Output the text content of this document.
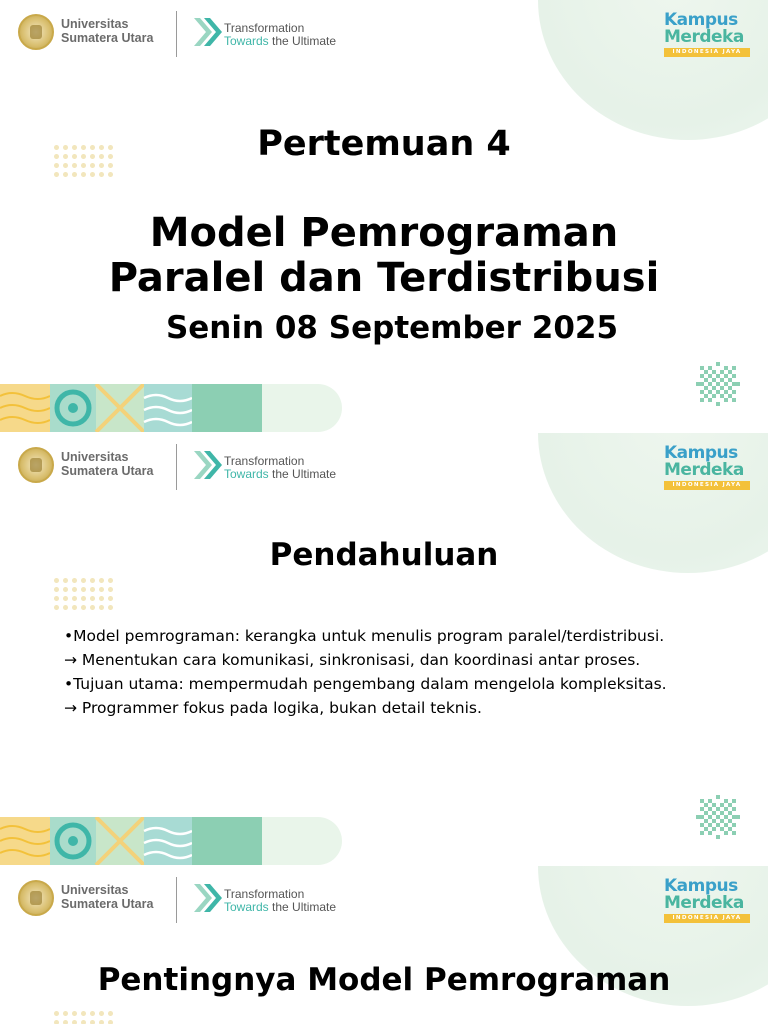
Universitas
Sumatera Utara
Transformation
Towards the Ultimate
Kampus
Merdeka
INDONESIA JAYA
Pertemuan 4
Model Pemrograman Paralel dan Terdistribusi
Senin 08 September 2025
Universitas
Sumatera Utara
Transformation
Towards the Ultimate
Kampus
Merdeka
INDONESIA JAYA
Pendahuluan
•Model pemrograman: kerangka untuk menulis program paralel/terdistribusi.
→ Menentukan cara komunikasi, sinkronisasi, dan koordinasi antar proses.
•Tujuan utama: mempermudah pengembang dalam mengelola kompleksitas.
→ Programmer fokus pada logika, bukan detail teknis.
Universitas
Sumatera Utara
Transformation
Towards the Ultimate
Kampus
Merdeka
INDONESIA JAYA
Pentingnya Model Pemrograman
